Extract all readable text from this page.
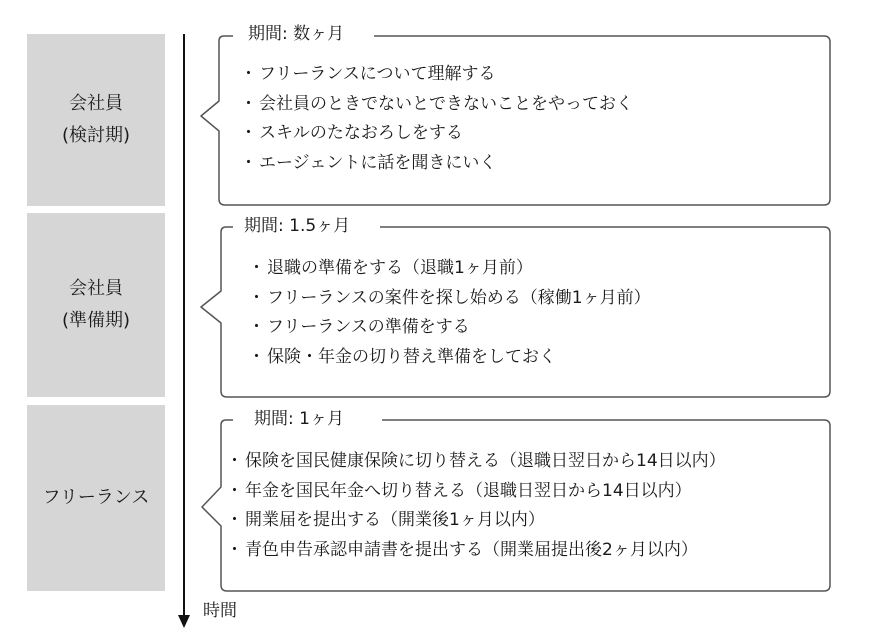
会社員
(検討期)
会社員
(準備期)
フリーランス
期間: 数ヶ月
・ フリーランスについて理解する
・ 会社員のときでないとできないことをやっておく
・ スキルのたなおろしをする
・ エージェントに話を聞きにいく
期間: 1.5ヶ月
・ 退職の準備をする（退職1ヶ月前）
・ フリーランスの案件を探し始める（稼働1ヶ月前）
・ フリーランスの準備をする
・ 保険・年金の切り替え準備をしておく
期間: 1ヶ月
・ 保険を国民健康保険に切り替える（退職日翌日から14日以内）
・ 年金を国民年金へ切り替える（退職日翌日から14日以内）
・ 開業届を提出する（開業後1ヶ月以内）
・ 青色申告承認申請書を提出する（開業届提出後2ヶ月以内）
時間
